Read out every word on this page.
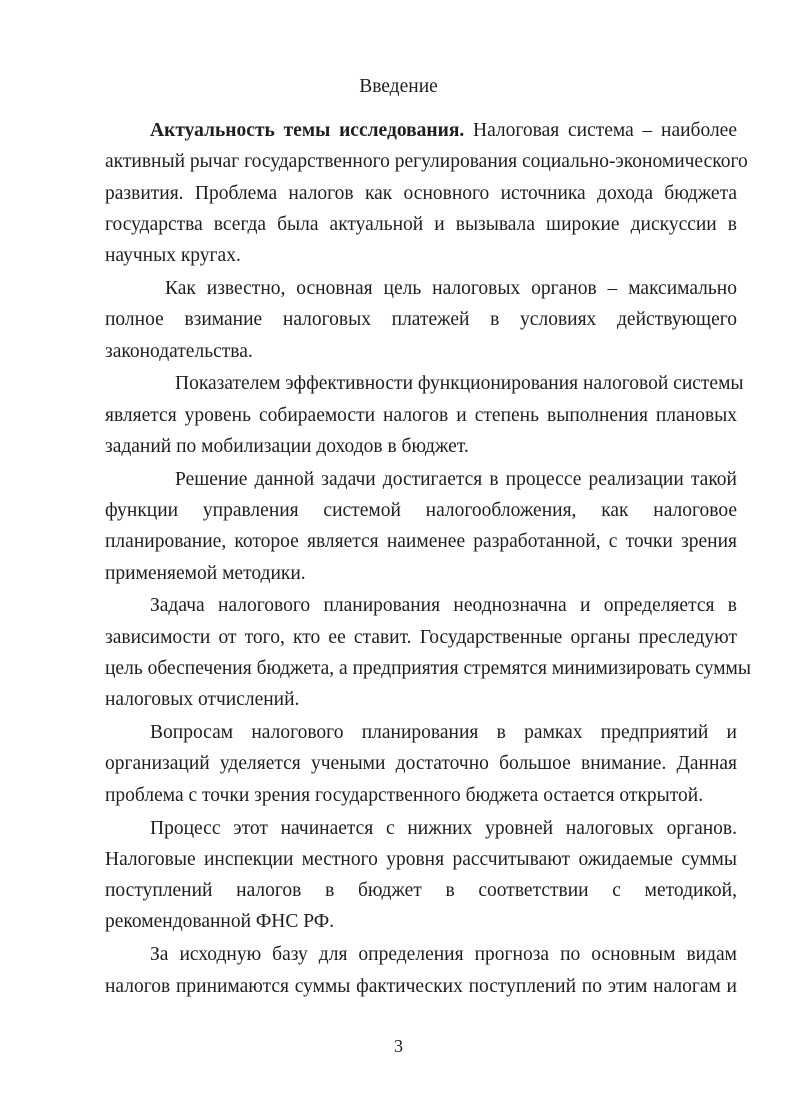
Введение
Актуальность темы исследования. Налоговая система – наиболее
активный рычаг государственного регулирования социально-экономического
развития. Проблема налогов как основного источника дохода бюджета
государства всегда была актуальной и вызывала широкие дискуссии в
научных кругах.
Как известно, основная цель налоговых органов – максимально
полное взимание налоговых платежей в условиях действующего
законодательства.
Показателем эффективности функционирования налоговой системы
является уровень собираемости налогов и степень выполнения плановых
заданий по мобилизации доходов в бюджет.
Решение данной задачи достигается в процессе реализации такой
функции управления системой налогообложения, как налоговое
планирование, которое является наименее разработанной, с точки зрения
применяемой методики.
Задача налогового планирования неоднозначна и определяется в
зависимости от того, кто ее ставит. Государственные органы преследуют
цель обеспечения бюджета, а предприятия стремятся минимизировать суммы
налоговых отчислений.
Вопросам налогового планирования в рамках предприятий и
организаций уделяется учеными достаточно большое внимание. Данная
проблема с точки зрения государственного бюджета остается открытой.
Процесс этот начинается с нижних уровней налоговых органов.
Налоговые инспекции местного уровня рассчитывают ожидаемые суммы
поступлений налогов в бюджет в соответствии с методикой,
рекомендованной ФНС РФ.
За исходную базу для определения прогноза по основным видам
налогов принимаются суммы фактических поступлений по этим налогам и
3
